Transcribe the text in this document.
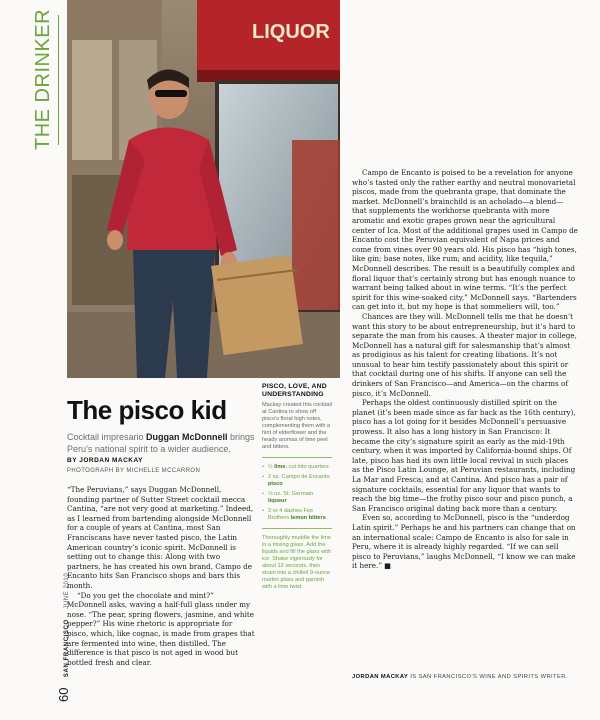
THE DRINKER
60 SAN FRANCISCO JUNE 2010
LIQUOR
The pisco kid
Cocktail impresario Duggan McDonnell brings Peru’s national spirit to a wider audience.
BY JORDAN MACKAY
PHOTOGRAPH BY MICHELLE MCCARRON

“The Peruvians,” says Duggan McDonnell, founding partner of Sutter Street cocktail mecca Cantina, “are not very good at marketing.” Indeed, as I learned from bartending alongside McDonnell for a couple of years at Cantina, most San Franciscans have never tasted pisco, the Latin American country’s iconic spirit. McDonnell is setting out to change this: Along with two partners, he has created his own brand, Campo de Encanto hits San Francisco shops and bars this month.

“Do you get the chocolate and mint?” McDonnell asks, waving a half-full glass under my nose. “The pear, spring flowers, jasmine, and white pepper?” His wine rhetoric is appropriate for pisco, which, like cognac, is made from grapes that are fermented into wine, then distilled. The difference is that pisco is not aged in wood but bottled fresh and clear.

PISCO, LOVE, AND UNDERSTANDING
Mackay created this cocktail at Cantina to show off pisco’s floral high notes, complementing them with a hint of elderflower and the heady aromas of lime peel and bitters.
• ½ lime, cut into quarters
• 2 oz. Campo de Encanto pisco
• ½ oz. St. Germain liqueur
• 3 or 4 dashes Fee Brothers lemon bitters
Thoroughly muddle the lime in a mixing glass. Add the liquids and fill the glass with ice. Shake vigorously for about 12 seconds, then strain into a chilled 9-ounce martini glass and garnish with a lime twist.

Campo de Encanto is poised to be a revelation for anyone who’s tasted only the rather earthy and neutral monovarietal piscos, made from the quebranta grape, that dominate the market. McDonnell’s brainchild is an acholado—a blend—that supplements the workhorse quebranta with more aromatic and exotic grapes grown near the agricultural center of Ica. Most of the additional grapes used in Campo de Encanto cost the Peruvian equivalent of Napa prices and come from vines over 90 years old. His pisco has “high tones, like gin; base notes, like rum; and acidity, like tequila,” McDonnell describes. The result is a beautifully complex and floral liquor that’s certainly strong but has enough nuance to warrant being talked about in wine terms. “It’s the perfect spirit for this wine-soaked city,” McDonnell says. “Bartenders can get into it, but my hope is that sommeliers will, too.”

Chances are they will. McDonnell tells me that he doesn’t want this story to be about entrepreneurship, but it’s hard to separate the man from his causes. A theater major in college, McDonnell has a natural gift for salesmanship that’s almost as prodigious as his talent for creating libations. It’s not unusual to hear him testify passionately about this spirit or that cocktail during one of his shifts. If anyone can sell the drinkers of San Francisco—and America—on the charms of pisco, it’s McDonnell.

Perhaps the oldest continuously distilled spirit on the planet (it’s been made since as far back as the 16th century), pisco has a lot going for it besides McDonnell’s persuasive prowess. It also has a long history in San Francisco: It became the city’s signature spirit as early as the mid-19th century, when it was imported by California-bound ships. Of late, pisco has had its own little local revival in such places as the Pisco Latin Lounge, at Peruvian restaurants, including La Mar and Fresca; and at Cantina. And pisco has a pair of signature cocktails, essential for any liquor that wants to reach the big time—the frothy pisco sour and pisco punch, a San Francisco original dating back more than a century.

Even so, according to McDonnell, pisco is the “underdog Latin spirit.” Perhaps he and his partners can change that on an international scale: Campo de Encanto is also for sale in Peru, where it is already highly regarded. “If we can sell pisco to Peruvians,” laughs McDonnell, “I know we can make it here.” ■

JORDAN MACKAY IS SAN FRANCISCO’S WINE AND SPIRITS WRITER.
